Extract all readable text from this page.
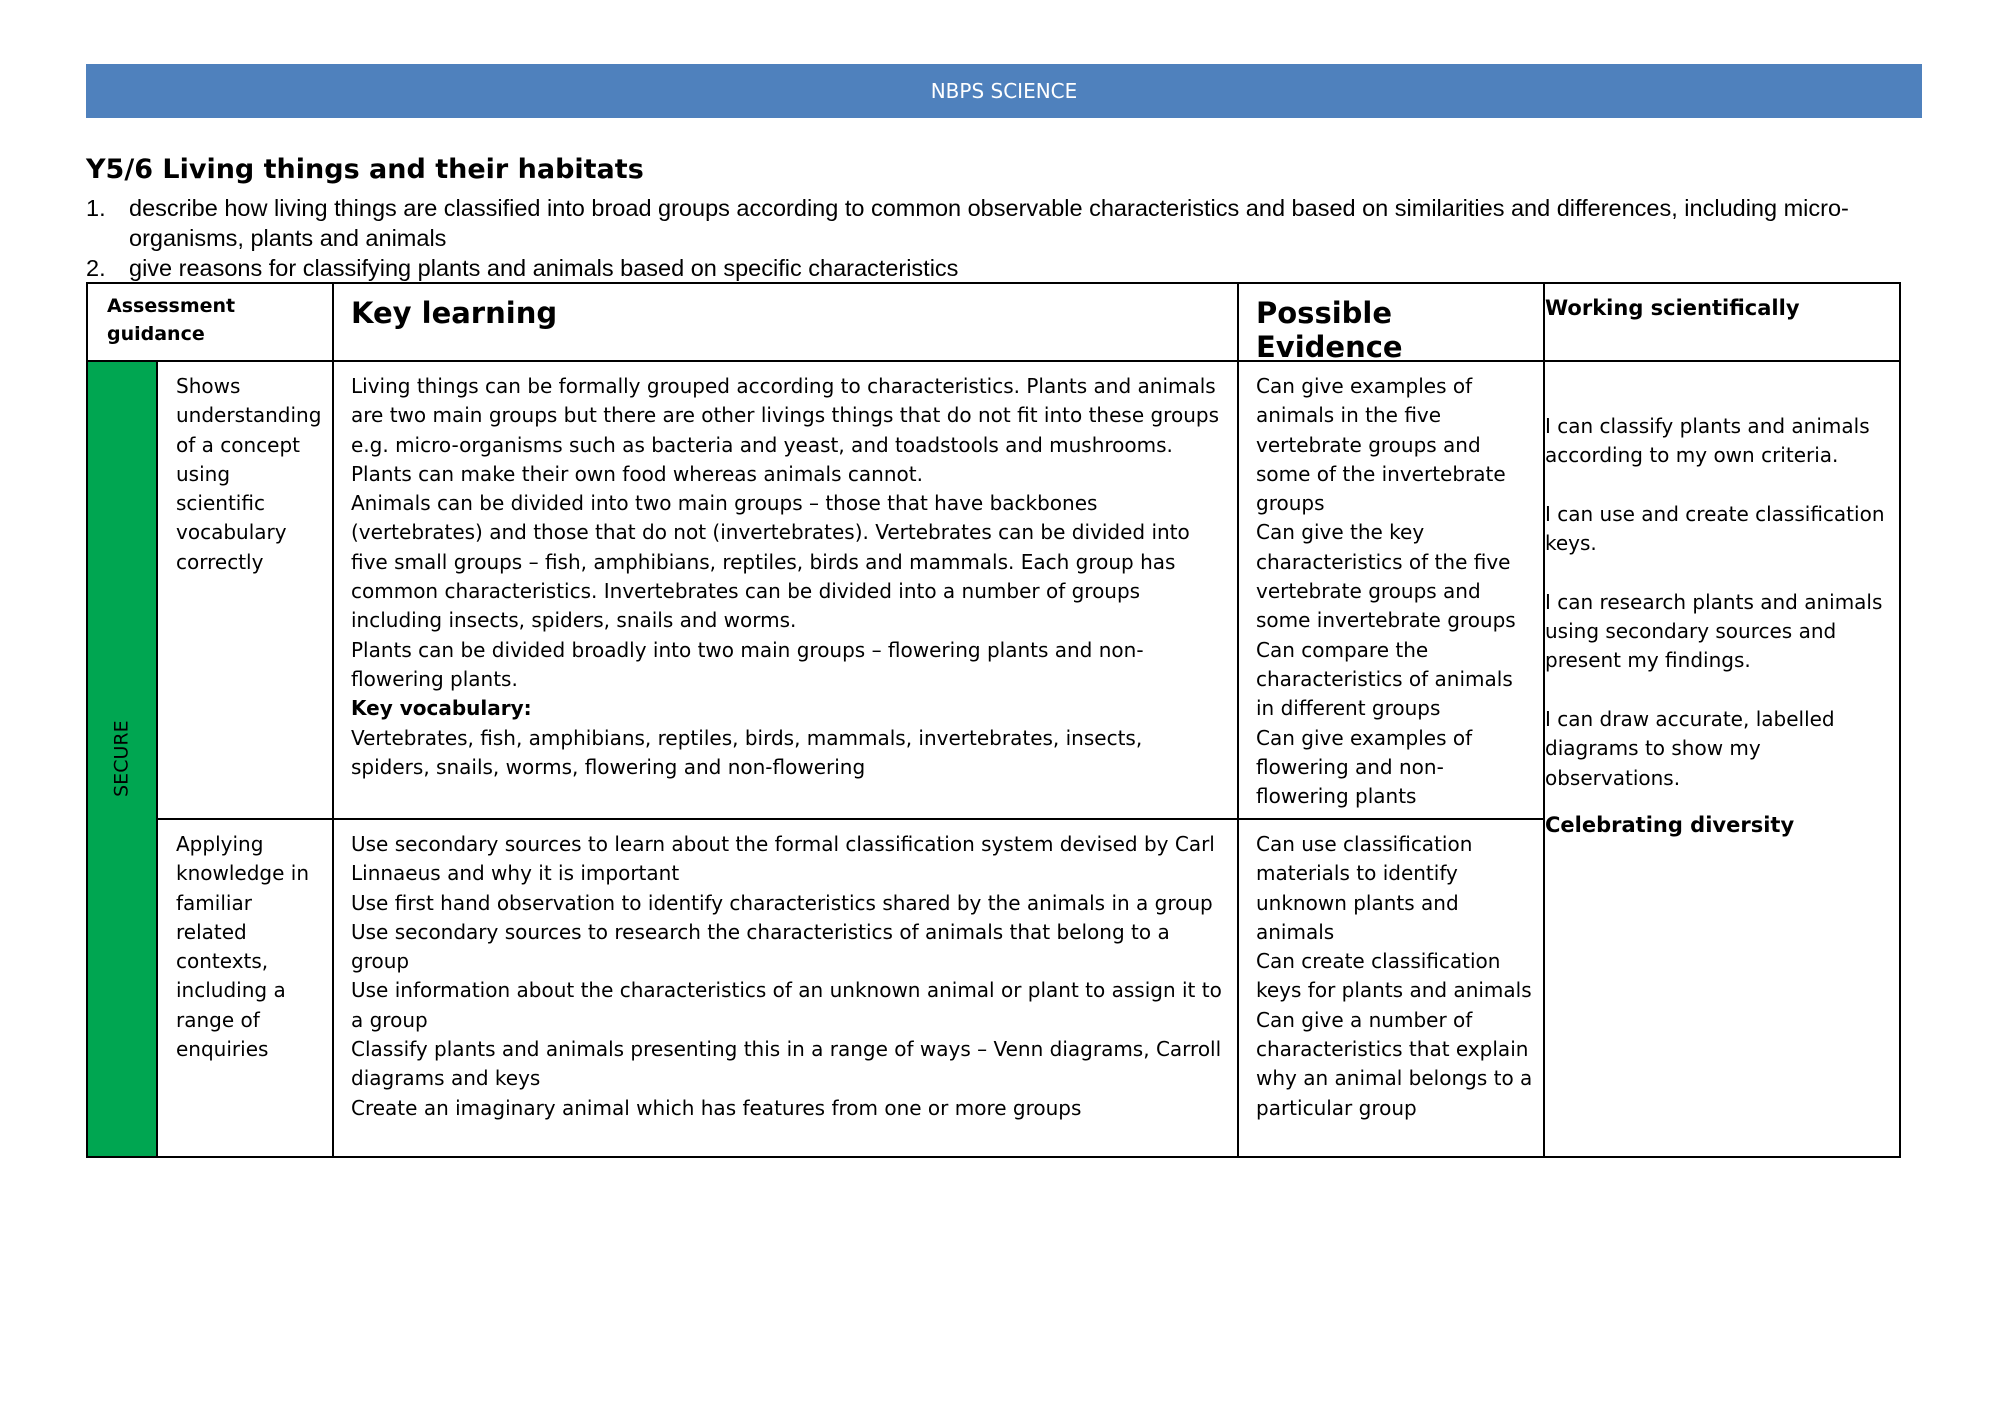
NBPS SCIENCE
Y5/6 Living things and their habitats
1. describe how living things are classified into broad groups according to common observable characteristics and based on similarities and differences, including micro-organisms, plants and animals
2. give reasons for classifying plants and animals based on specific characteristics
Assessment guidance
Key learning	Possible Evidence
Working scientifically
SECURE

Shows understanding of a concept using scientific vocabulary correctly

Living things can be formally grouped according to characteristics. Plants and animals are two main groups but there are other livings things that do not fit into these groups e.g. micro-organisms such as bacteria and yeast, and toadstools and mushrooms. Plants can make their own food whereas animals cannot.

Animals can be divided into two main groups – those that have backbones (vertebrates) and those that do not (invertebrates). Vertebrates can be divided into five small groups – fish, amphibians, reptiles, birds and mammals. Each group has common characteristics. Invertebrates can be divided into a number of groups including insects, spiders, snails and worms.

Plants can be divided broadly into two main groups – flowering plants and non-flowering plants.

Key vocabulary:

Vertebrates, fish, amphibians, reptiles, birds, mammals, invertebrates, insects, spiders, snails, worms, flowering and non-flowering

Can give examples of animals in the five vertebrate groups and some of the invertebrate groups

Can give the key characteristics of the five vertebrate groups and some invertebrate groups

Can compare the characteristics of animals in different groups

Can give examples of flowering and non-flowering plants

I can classify plants and animals according to my own criteria.

I can use and create classification keys.

I can research plants and animals using secondary sources and present my findings.

I can draw accurate, labelled diagrams to show my observations.

Celebrating diversity

Applying knowledge in familiar related contexts, including a range of enquiries

Use secondary sources to learn about the formal classification system devised by Carl Linnaeus and why it is important

Use first hand observation to identify characteristics shared by the animals in a group

Use secondary sources to research the characteristics of animals that belong to a group

Use information about the characteristics of an unknown animal or plant to assign it to a group

Classify plants and animals presenting this in a range of ways – Venn diagrams, Carroll diagrams and keys

Create an imaginary animal which has features from one or more groups

Can use classification materials to identify unknown plants and animals

Can create classification keys for plants and animals

Can give a number of characteristics that explain why an animal belongs to a particular group
